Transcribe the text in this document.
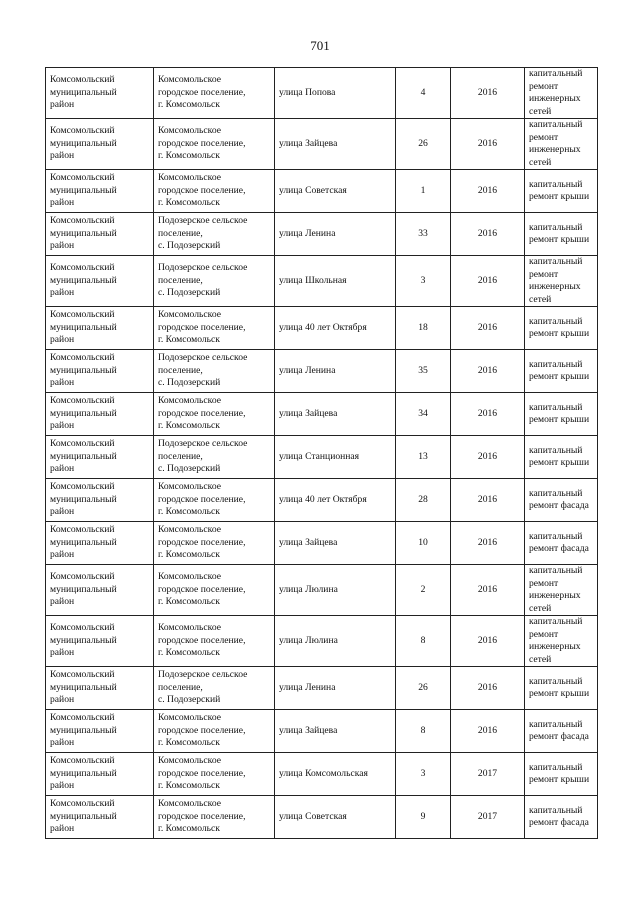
701
Комсомольский
муниципальный
район	Комсомольское
городское поселение,
г. Комсомольск	улица Попова	4	2016	капитальный
ремонт
инженерных
сетей

Комсомольский
муниципальный
район	Комсомольское
городское поселение,
г. Комсомольск	улица Зайцева	26	2016	капитальный
ремонт
инженерных
сетей

Комсомольский
муниципальный
район	Комсомольское
городское поселение,
г. Комсомольск	улица Советская	1	2016	капитальный
ремонт крыши

Комсомольский
муниципальный
район	Подозерское сельское
поселение,
с. Подозерский	улица Ленина	33	2016	капитальный
ремонт крыши

Комсомольский
муниципальный
район	Подозерское сельское
поселение,
с. Подозерский	улица Школьная	3	2016	капитальный
ремонт
инженерных
сетей

Комсомольский
муниципальный
район	Комсомольское
городское поселение,
г. Комсомольск	улица 40 лет Октября	18	2016	капитальный
ремонт крыши

Комсомольский
муниципальный
район	Подозерское сельское
поселение,
с. Подозерский	улица Ленина	35	2016	капитальный
ремонт крыши

Комсомольский
муниципальный
район	Комсомольское
городское поселение,
г. Комсомольск	улица Зайцева	34	2016	капитальный
ремонт крыши

Комсомольский
муниципальный
район	Подозерское сельское
поселение,
с. Подозерский	улица Станционная	13	2016	капитальный
ремонт крыши

Комсомольский
муниципальный
район	Комсомольское
городское поселение,
г. Комсомольск	улица 40 лет Октября	28	2016	капитальный
ремонт фасада

Комсомольский
муниципальный
район	Комсомольское
городское поселение,
г. Комсомольск	улица Зайцева	10	2016	капитальный
ремонт фасада

Комсомольский
муниципальный
район	Комсомольское
городское поселение,
г. Комсомольск	улица Люлина	2	2016	капитальный
ремонт
инженерных
сетей

Комсомольский
муниципальный
район	Комсомольское
городское поселение,
г. Комсомольск	улица Люлина	8	2016	капитальный
ремонт
инженерных
сетей

Комсомольский
муниципальный
район	Подозерское сельское
поселение,
с. Подозерский	улица Ленина	26	2016	капитальный
ремонт крыши

Комсомольский
муниципальный
район	Комсомольское
городское поселение,
г. Комсомольск	улица Зайцева	8	2016	капитальный
ремонт фасада

Комсомольский
муниципальный
район	Комсомольское
городское поселение,
г. Комсомольск	улица Комсомольская	3	2017	капитальный
ремонт крыши

Комсомольский
муниципальный
район	Комсомольское
городское поселение,
г. Комсомольск	улица Советская	9	2017	капитальный
ремонт фасада
